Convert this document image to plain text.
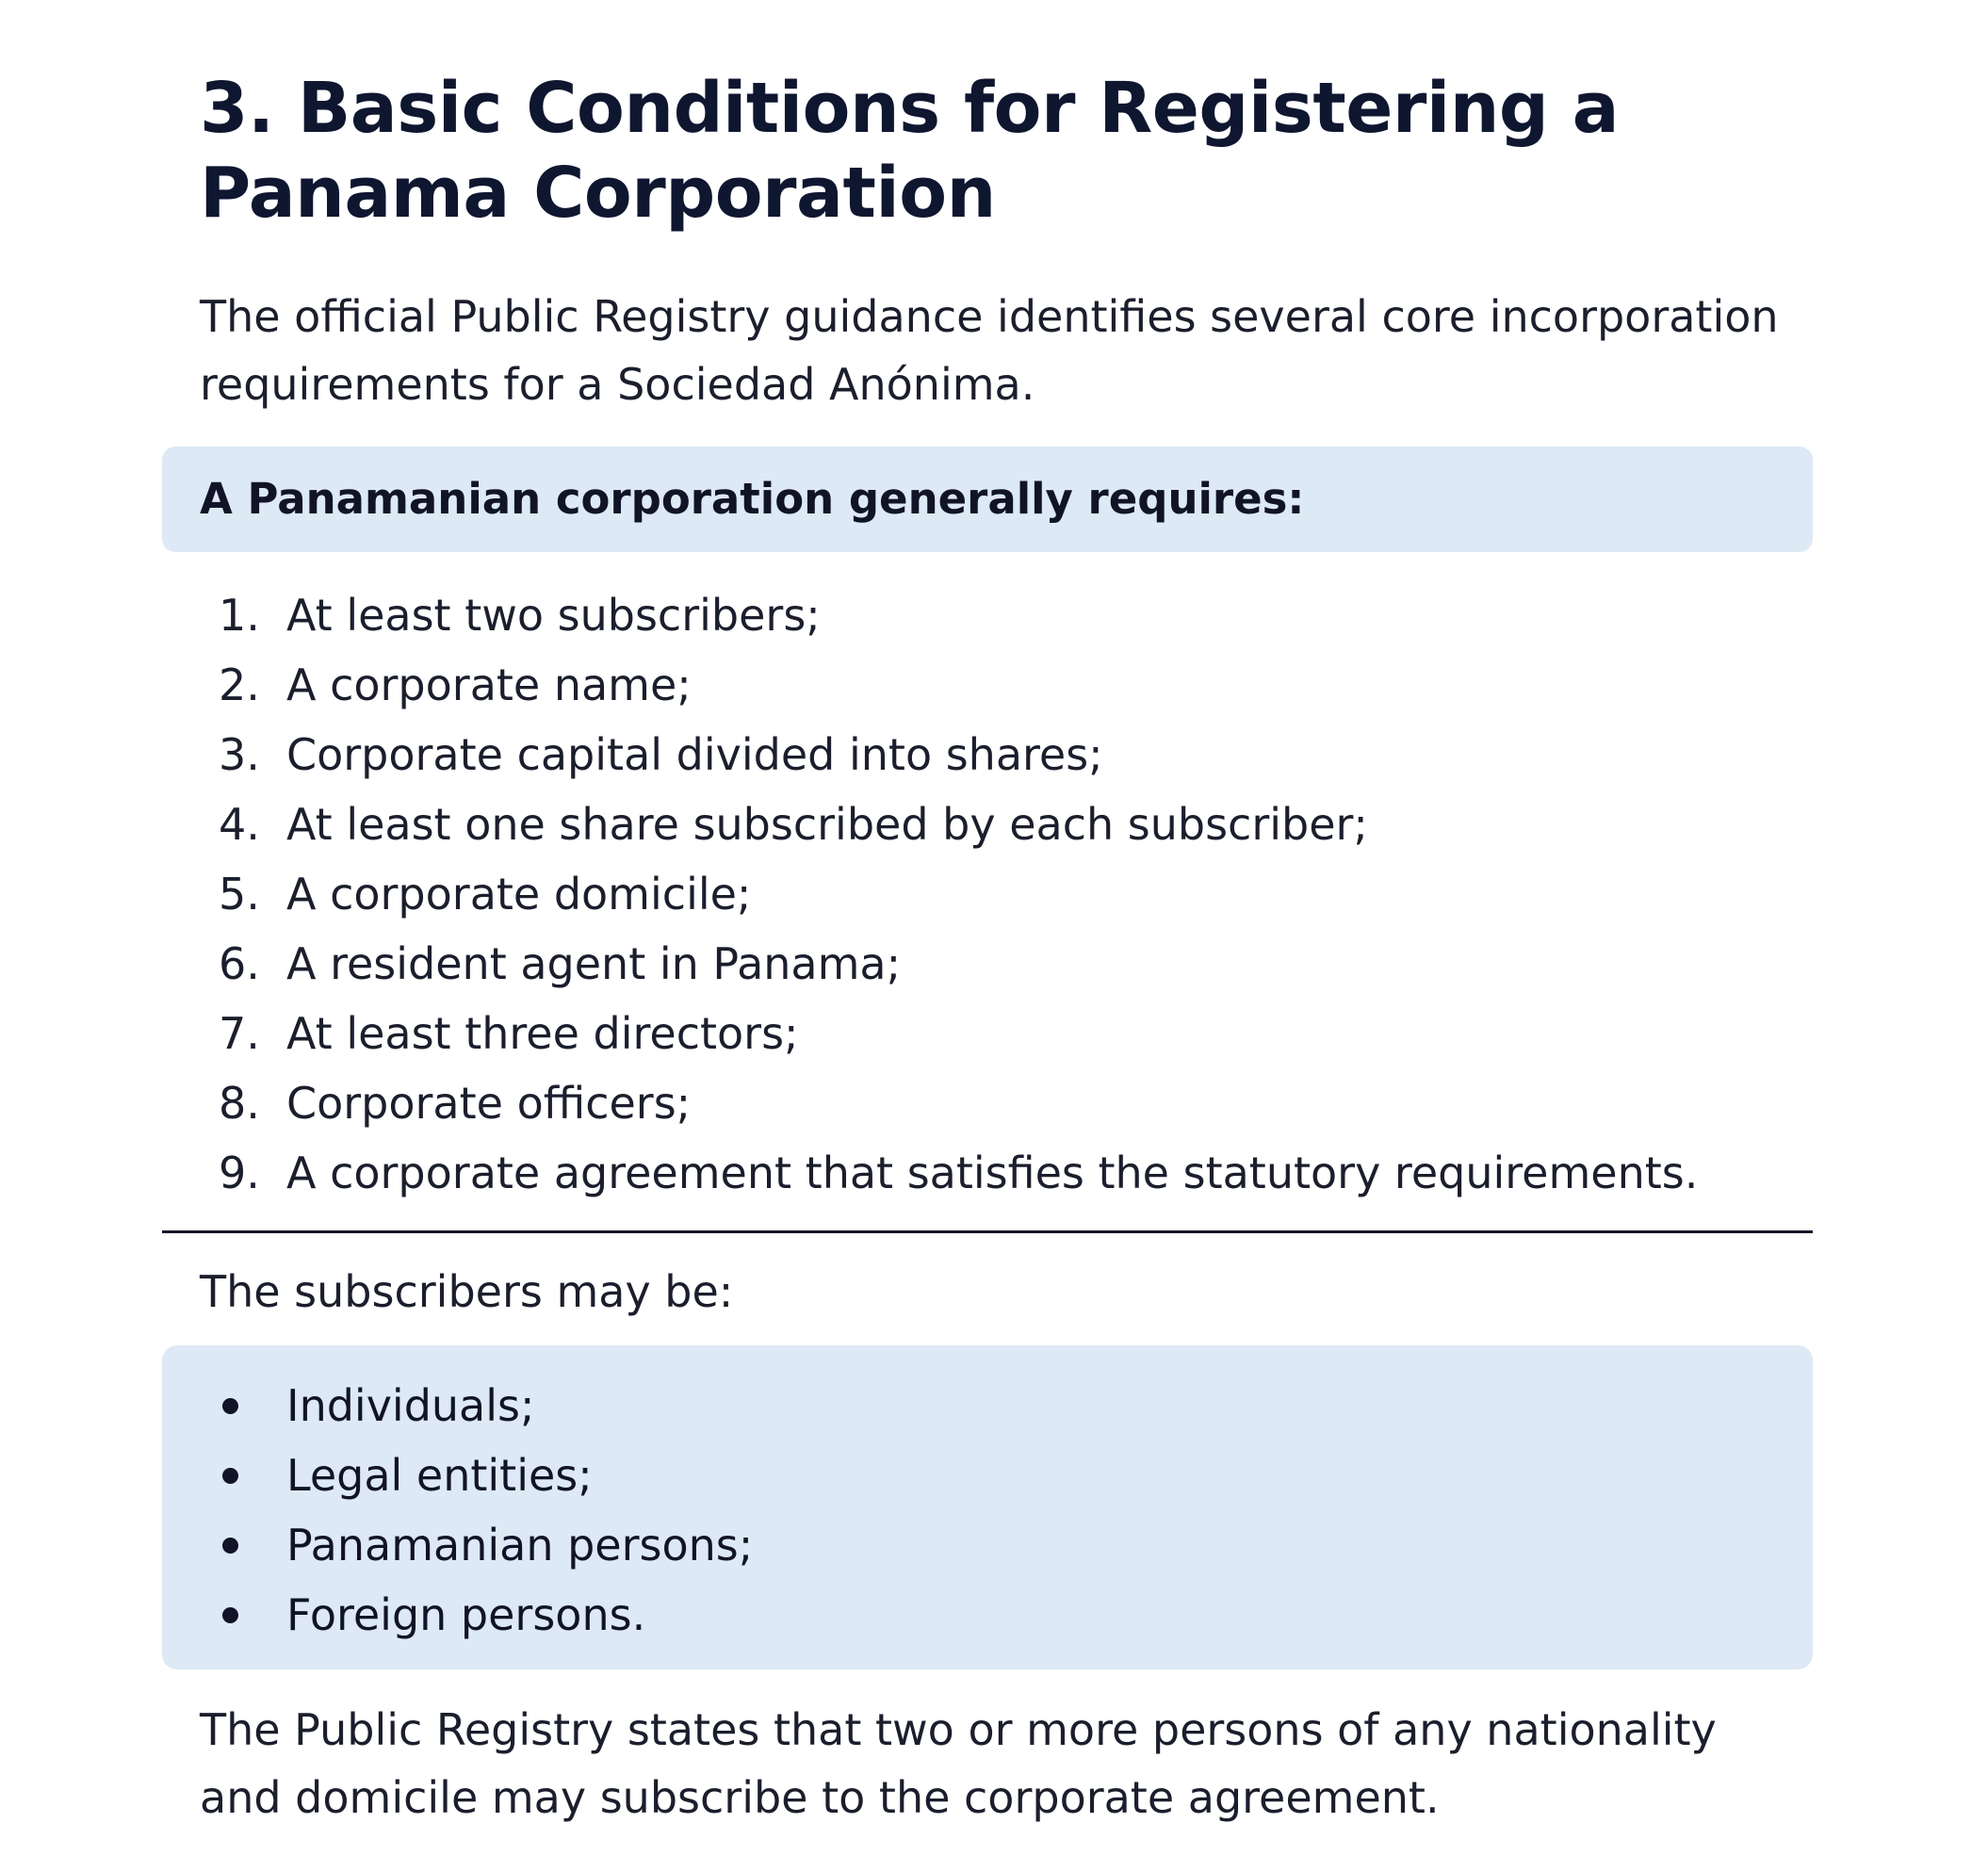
3. Basic Conditions for Registering a Panama Corporation

The official Public Registry guidance identifies several core incorporation requirements for a Sociedad Anónima.

A Panamanian corporation generally requires:

1. At least two subscribers;
2. A corporate name;
3. Corporate capital divided into shares;
4. At least one share subscribed by each subscriber;
5. A corporate domicile;
6. A resident agent in Panama;
7. At least three directors;
8. Corporate officers;
9. A corporate agreement that satisfies the statutory requirements.

The subscribers may be:

Individuals;
Legal entities;
Panamanian persons;
Foreign persons.

The Public Registry states that two or more persons of any nationality and domicile may subscribe to the corporate agreement.
